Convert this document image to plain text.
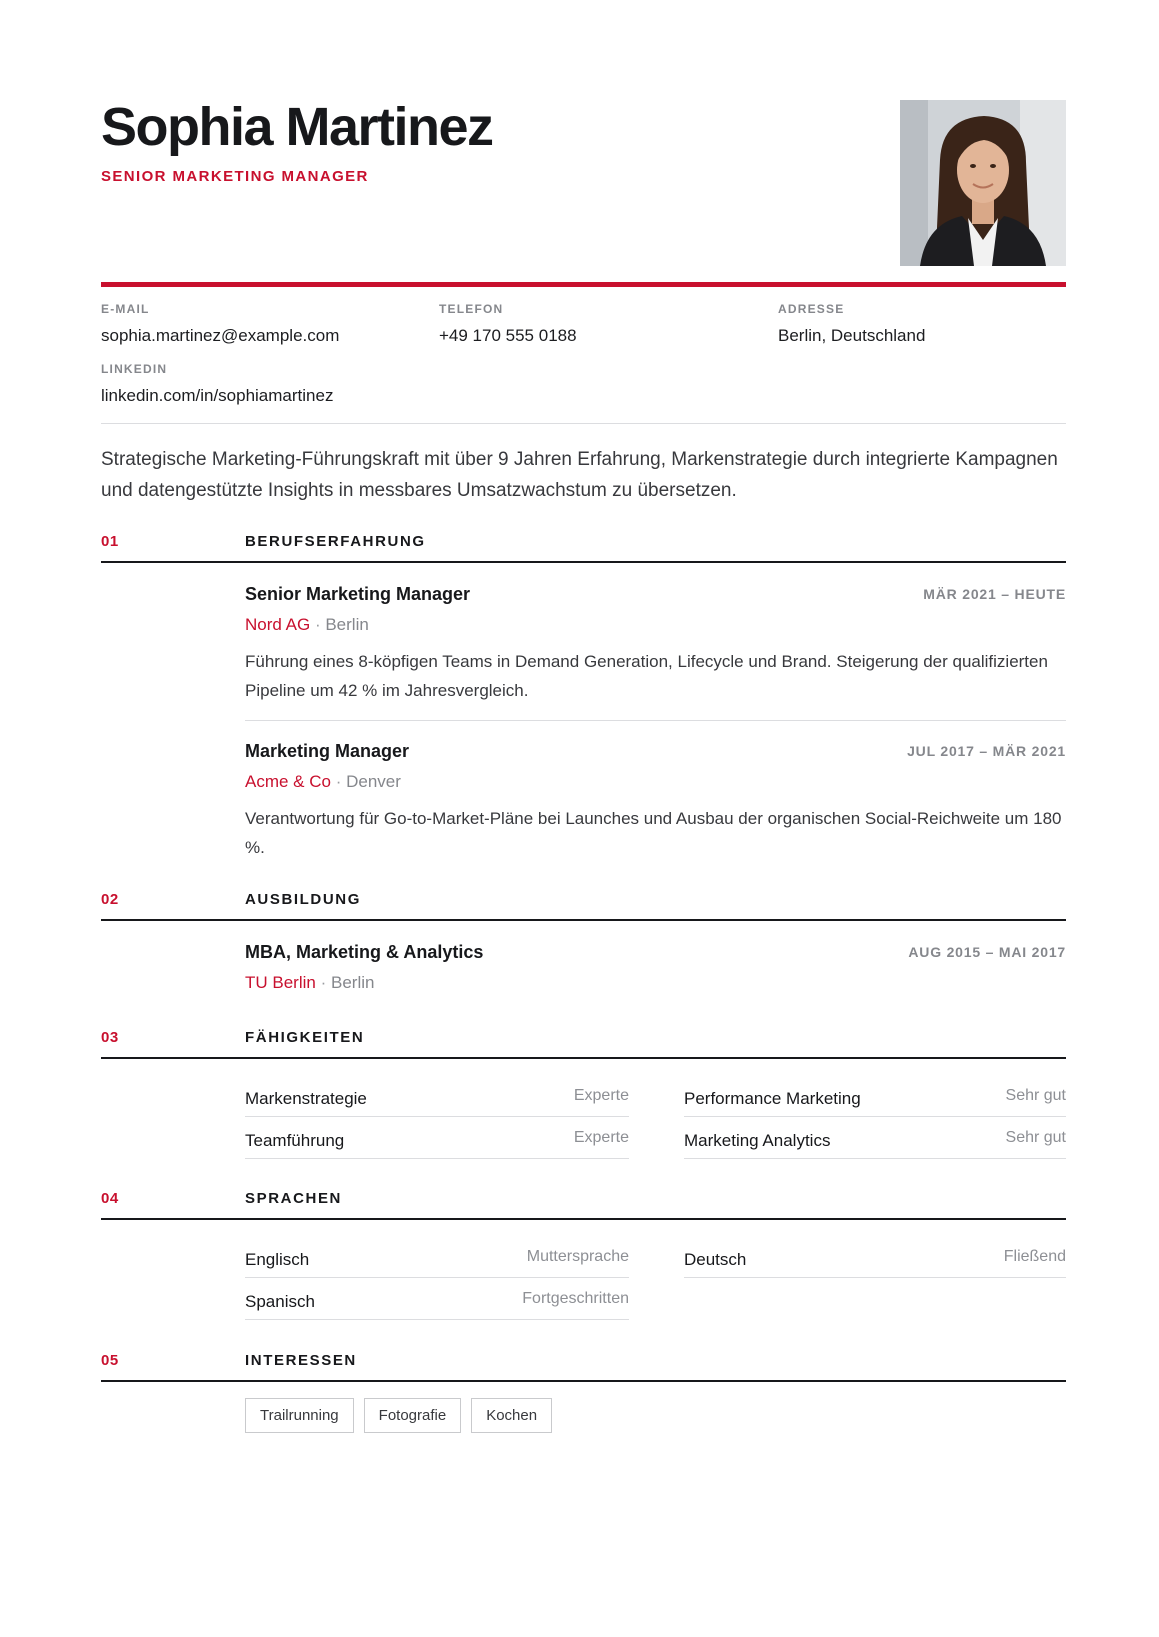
Sophia Martinez
SENIOR MARKETING MANAGER
E-MAIL
sophia.martinez@example.com
TELEFON
+49 170 555 0188
ADRESSE
Berlin, Deutschland
LINKEDIN
linkedin.com/in/sophiamartinez

Strategische Marketing-Führungskraft mit über 9 Jahren Erfahrung, Markenstrategie durch integrierte Kampagnen und datengestützte Insights in messbares Umsatzwachstum zu übersetzen.

01	BERUFSERFAHRUNG
Senior Marketing Manager	MÄR 2021 – HEUTE
Nord AG · Berlin
Führung eines 8-köpfigen Teams in Demand Generation, Lifecycle und Brand. Steigerung der qualifizierten Pipeline um 42 % im Jahresvergleich.
Marketing Manager	JUL 2017 – MÄR 2021
Acme & Co · Denver
Verantwortung für Go-to-Market-Pläne bei Launches und Ausbau der organischen Social-Reichweite um 180 %.
02	AUSBILDUNG
MBA, Marketing & Analytics	AUG 2015 – MAI 2017
TU Berlin · Berlin
03	FÄHIGKEITEN
Markenstrategie	Experte	Performance Marketing	Sehr gut
Teamführung	Experte	Marketing Analytics	Sehr gut
04	SPRACHEN
Englisch	Muttersprache	Deutsch	Fließend
Spanisch	Fortgeschritten
05	INTERESSEN
Trailrunning	Fotografie	Kochen
